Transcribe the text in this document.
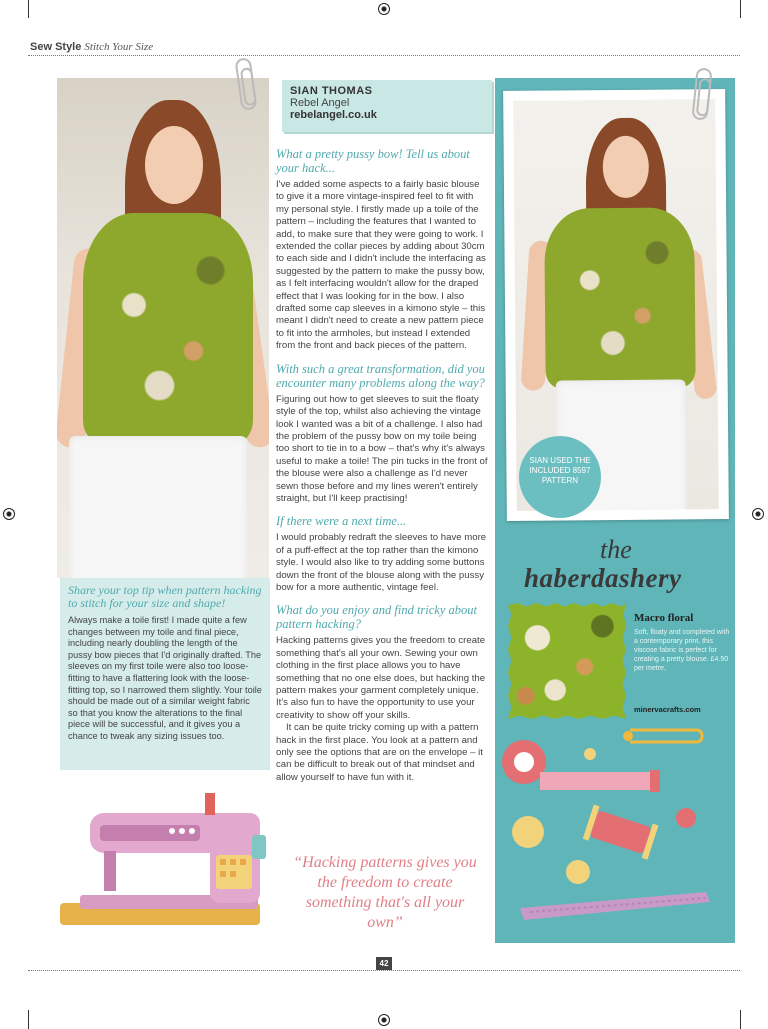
Sew Style Stitch Your Size
SIAN THOMAS
Rebel Angel
rebelangel.co.uk
What a pretty pussy bow! Tell us about your hack...
I've added some aspects to a fairly basic blouse to give it a more vintage-inspired feel to fit with my personal style. I firstly made up a toile of the pattern – including the features that I wanted to add, to make sure that they were going to work. I extended the collar pieces by adding about 30cm to each side and I didn't include the interfacing as suggested by the pattern to make the pussy bow, as I felt interfacing wouldn't allow for the draped effect that I was looking for in the bow. I also drafted some cap sleeves in a kimono style – this meant I didn't need to create a new pattern piece to fit into the armholes, but instead I extended from the front and back pieces of the pattern.
With such a great transformation, did you encounter many problems along the way?
Figuring out how to get sleeves to suit the floaty style of the top, whilst also achieving the vintage look I wanted was a bit of a challenge. I also had the problem of the pussy bow on my toile being too short to tie in to a bow – that's why it's always useful to make a toile! The pin tucks in the front of the blouse were also a challenge as I'd never sewn those before and my lines weren't entirely straight, but I'll keep practising!
If there were a next time...
I would probably redraft the sleeves to have more of a puff-effect at the top rather than the kimono style. I would also like to try adding some buttons down the front of the blouse along with the pussy bow for a more authentic, vintage feel.
What do you enjoy and find tricky about pattern hacking?
Hacking patterns gives you the freedom to create something that's all your own. Sewing your own clothing in the first place allows you to have something that no one else does, but hacking the pattern makes your garment completely unique. It's also fun to have the opportunity to use your creativity to show off your skills.
It can be quite tricky coming up with a pattern hack in the first place. You look at a pattern and only see the options that are on the envelope – it can be difficult to break out of that mindset and allow yourself to have fun with it.
Share your top tip when pattern hacking to stitch for your size and shape!
Always make a toile first! I made quite a few changes between my toile and final piece, including nearly doubling the length of the pussy bow pieces that I'd originally drafted. The sleeves on my first toile were also too loose-fitting to have a flattering look with the loose-fitting top, so I narrowed them slightly. Your toile should be made out of a similar weight fabric so that you know the alterations to the final piece will be successful, and it gives you a chance to tweak any sizing issues too.
“Hacking patterns gives you the freedom to create something that's all your own”
SIAN USED THE INCLUDED 8597 PATTERN
the
haberdashery
Macro floral
Soft, floaty and completed with a contemporary print, this viscose fabric is perfect for creating a pretty blouse. £4.50 per metre,
minervacrafts.com
42
